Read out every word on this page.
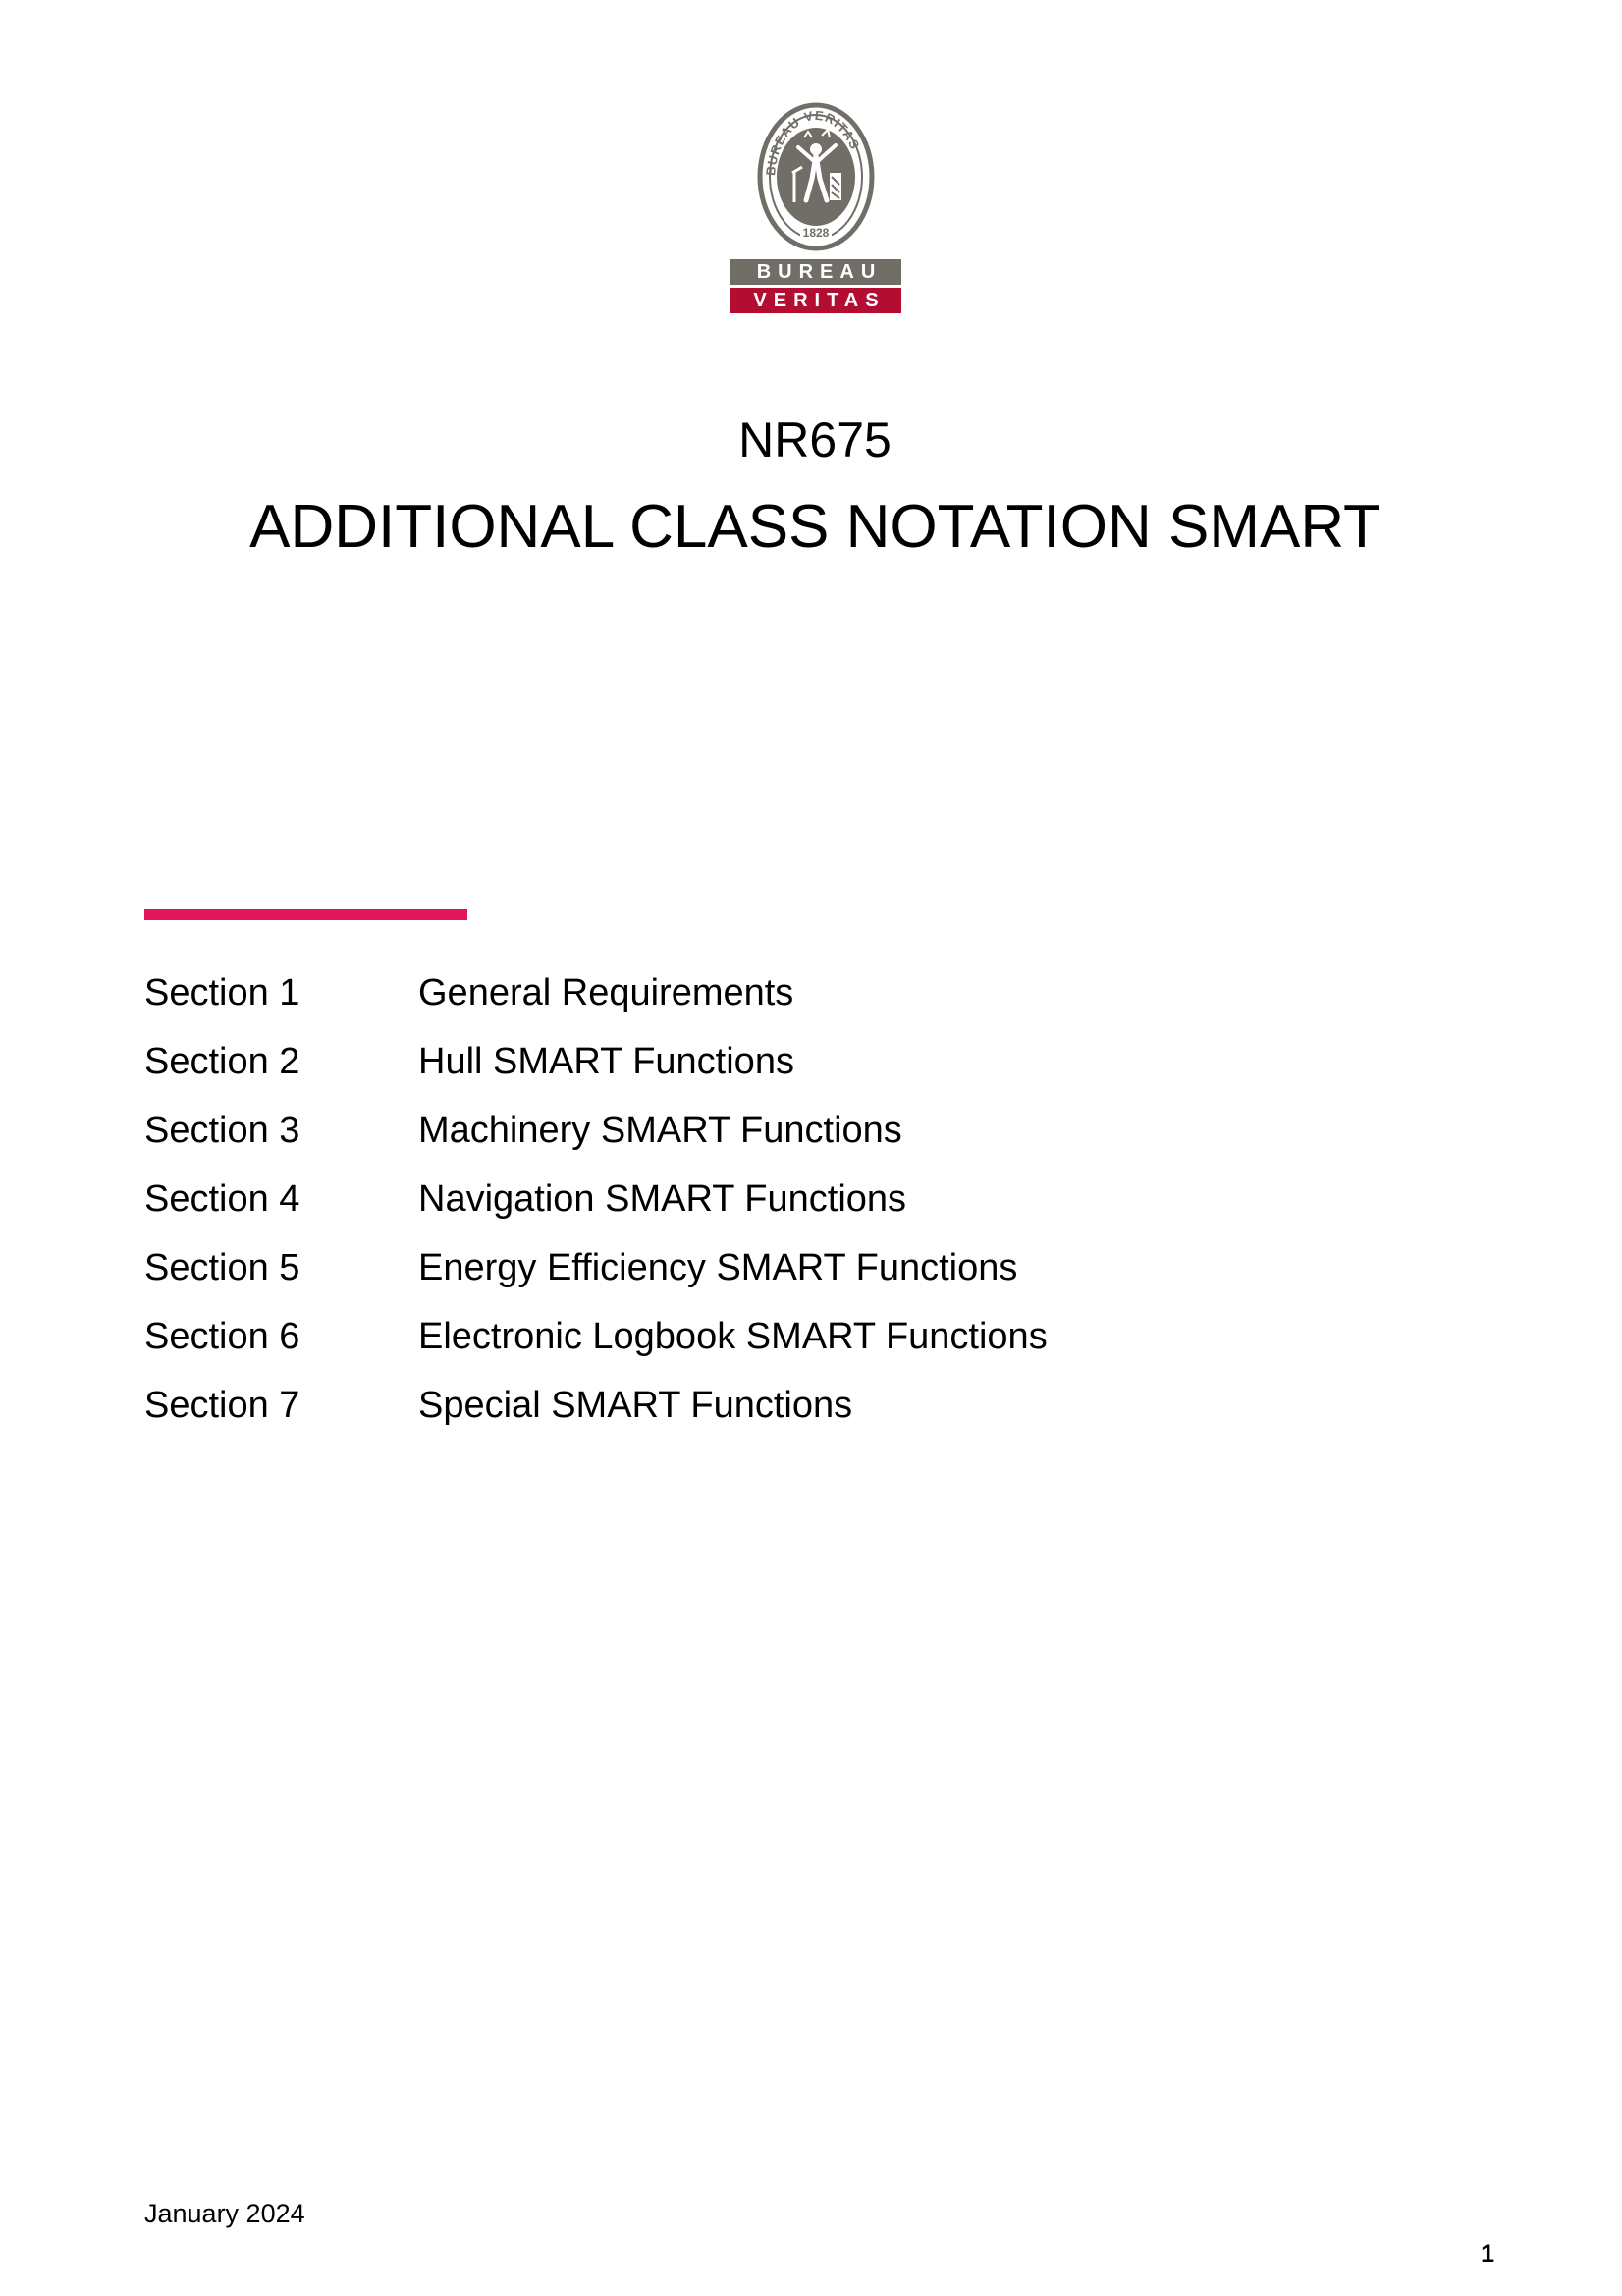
BUREAU VERITAS
1828
BUREAU
VERITAS
NR675
ADDITIONAL CLASS NOTATION SMART
Section 1	General Requirements
Section 2	Hull SMART Functions
Section 3	Machinery SMART Functions
Section 4	Navigation SMART Functions
Section 5	Energy Efficiency SMART Functions
Section 6	Electronic Logbook SMART Functions
Section 7	Special SMART Functions
January 2024
1
